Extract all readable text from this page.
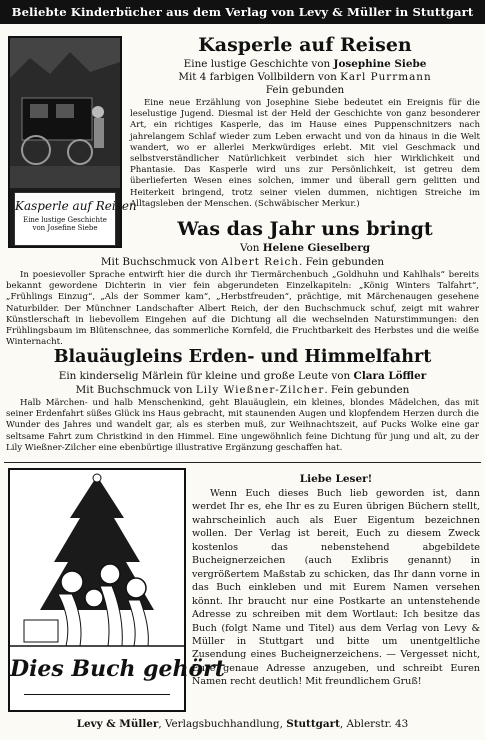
Beliebte Kinderbücher aus dem Verlag von Levy & Müller in Stuttgart
Kasperle auf Reisen
Eine lustige Geschichte
von Josefine Siebe
Kasperle auf Reisen
Eine lustige Geschichte von Josephine Siebe
Mit 4 farbigen Vollbildern von Karl Purrmann
Fein gebunden
Eine neue Erzählung von Josephine Siebe bedeutet ein Ereignis für die leselustige Jugend. Diesmal ist der Held der Geschichte von ganz besonderer Art, ein richtiges Kasperle, das im Hause eines Puppenschnitzers nach jahrelangem Schlaf wieder zum Leben erwacht und von da hinaus in die Welt wandert, wo er allerlei Merkwürdiges erlebt. Mit viel Geschmack und selbstverständlicher Natürlichkeit verbindet sich hier Wirklichkeit und Phantasie. Das Kasperle wird uns zur Persönlichkeit, ist getreu dem überlieferten Wesen eines solchen, immer und überall gern gelitten und Heiterkeit bringend, trotz seiner vielen dummen, nichtigen Streiche im Alltagsleben der Menschen. (Schwäbischer Merkur.)
Was das Jahr uns bringt
Von Helene Gieselberg
Mit Buchschmuck von Albert Reich. Fein gebunden
In poesievoller Sprache entwirft hier die durch ihr Tiermärchenbuch „Goldhuhn und Kahlhals“ bereits bekannt gewordene Dichterin in vier fein abgerundeten Einzelkapiteln: „König Winters Talfahrt“, „Frühlings Einzug“, „Als der Sommer kam“, „Herbstfreuden“, prächtige, mit Märchenaugen gesehene Naturbilder. Der Münchner Landschafter Albert Reich, der den Buchschmuck schuf, zeigt mit wahrer Künstlerschaft in liebevollem Eingehen auf die Dichtung all die wechselnden Naturstimmungen: den Frühlingsbaum im Blütenschnee, das sommerliche Kornfeld, die Fruchtbarkeit des Herbstes und die weiße Winternacht.
Blauäugleins Erden- und Himmelfahrt
Ein kinderselig Märlein für kleine und große Leute von Clara Löffler
Mit Buchschmuck von Lily Wießner-Zilcher. Fein gebunden
Halb Märchen- und halb Menschenkind, geht Blauäuglein, ein kleines, blondes Mädelchen, das mit seiner Erdenfahrt süßes Glück ins Haus gebracht, mit staunenden Augen und klopfendem Herzen durch die Wunder des Jahres und wandelt gar, als es sterben muß, zur Weihnachtszeit, auf Pucks Wolke eine gar seltsame Fahrt zum Christkind in den Himmel. Eine ungewöhnlich feine Dichtung für jung und alt, zu der Lily Wießner-Zilcher eine ebenbürtige illustrative Ergänzung geschaffen hat.
Dies Buch gehört
Liebe Leser!
Wenn Euch dieses Buch lieb geworden ist, dann werdet Ihr es, ehe Ihr es zu Euren übrigen Büchern stellt, wahrscheinlich auch als Euer Eigentum bezeichnen wollen. Der Verlag ist bereit, Euch zu diesem Zweck kostenlos das nebenstehend abgebildete Bucheignerzeichen (auch Exlibris genannt) in vergrößertem Maßstab zu schicken, das Ihr dann vorne in das Buch einkleben und mit Eurem Namen versehen könnt. Ihr braucht nur eine Postkarte an untenstehende Adresse zu schreiben mit dem Wortlaut: Ich besitze das Buch (folgt Name und Titel) aus dem Verlag von Levy & Müller in Stuttgart und bitte um unentgeltliche Zusendung eines Bucheignerzeichens. — Vergesset nicht, Eure genaue Adresse anzugeben, und schreibt Euren Namen recht deutlich! Mit freundlichem Gruß!
Levy & Müller, Verlagsbuchhandlung, Stuttgart, Ablerstr. 43
